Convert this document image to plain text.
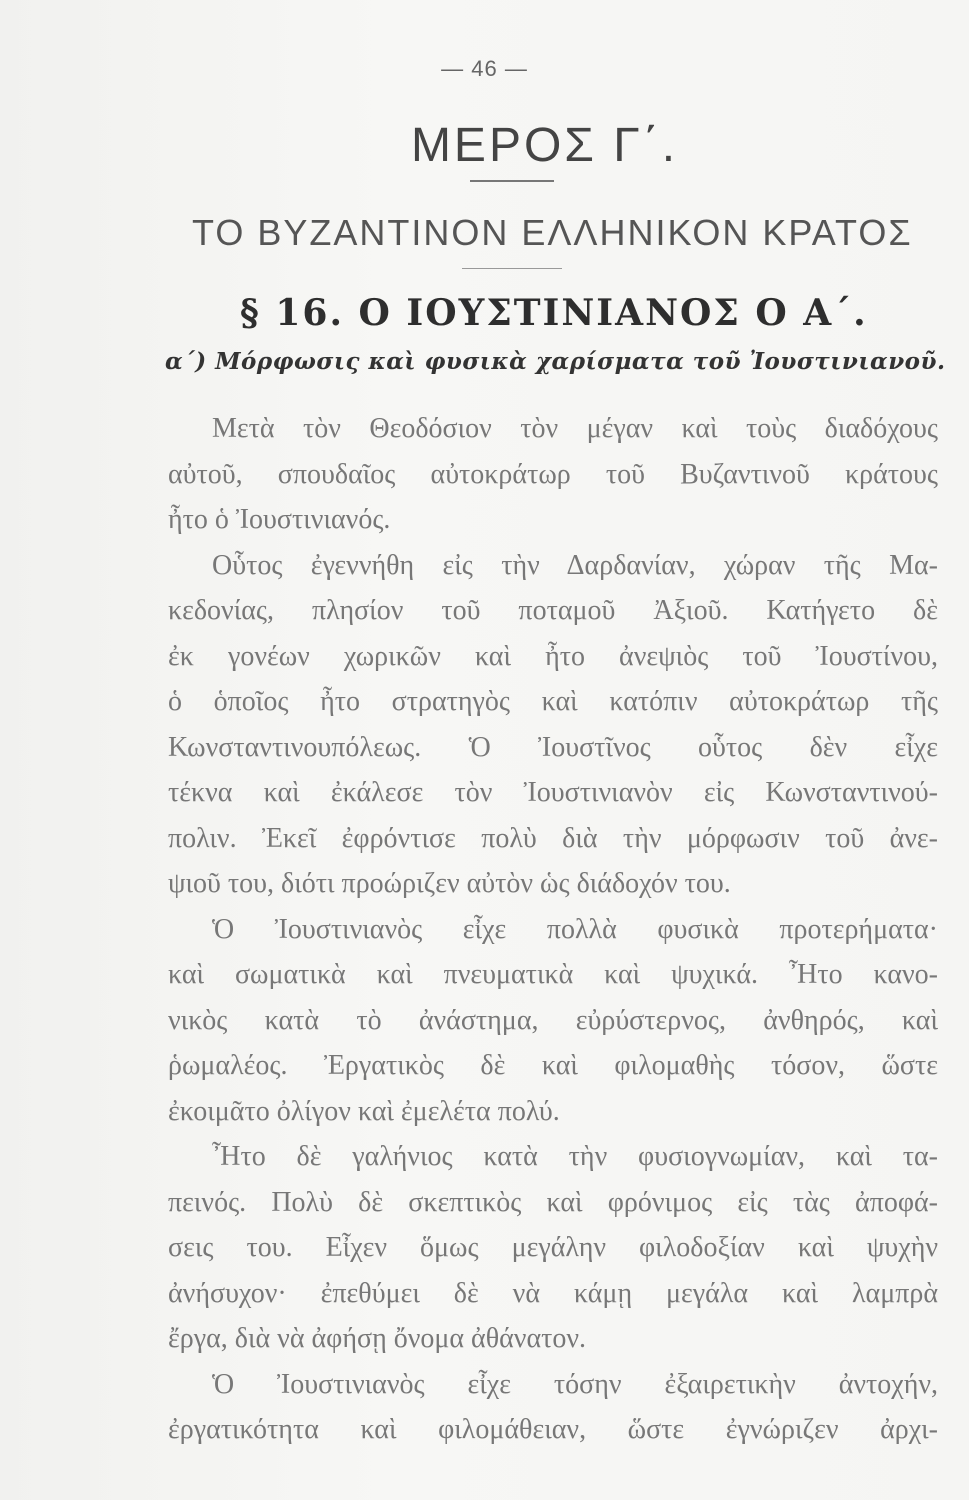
— 46 —
ΜΕΡΟΣ Γ΄.
ΤΟ ΒΥΖΑΝΤΙΝΟΝ ΕΛΛΗΝΙΚΟΝ ΚΡΑΤΟΣ
§ 16. Ο ΙΟΥΣΤΙΝΙΑΝΟΣ Ο Α΄.
α΄) Μόρφωσις καὶ φυσικὰ χαρίσματα τοῦ Ἰουστινιανοῦ.
Μετὰ τὸν Θεοδόσιον τὸν μέγαν καὶ τοὺς διαδόχους
αὐτοῦ, σπουδαῖος αὐτοκράτωρ τοῦ Βυζαντινοῦ κράτους
ἦτο ὁ Ἰουστινιανός.
Οὗτος ἐγεννήθη εἰς τὴν Δαρδανίαν, χώραν τῆς Μα-
κεδονίας, πλησίον τοῦ ποταμοῦ Ἀξιοῦ. Κατήγετο δὲ
ἐκ γονέων χωρικῶν καὶ ἦτο ἀνεψιὸς τοῦ Ἰουστίνου,
ὁ ὁποῖος ἦτο στρατηγὸς καὶ κατόπιν αὐτοκράτωρ τῆς
Κωνσταντινουπόλεως. Ὁ Ἰουστῖνος οὗτος δὲν εἶχε
τέκνα καὶ ἐκάλεσε τὸν Ἰουστινιανὸν εἰς Κωνσταντινού-
πολιν. Ἐκεῖ ἐφρόντισε πολὺ διὰ τὴν μόρφωσιν τοῦ ἀνε-
ψιοῦ του, διότι προώριζεν αὐτὸν ὡς διάδοχόν του.
Ὁ Ἰουστινιανὸς εἶχε πολλὰ φυσικὰ προτερήματα·
καὶ σωματικὰ καὶ πνευματικὰ καὶ ψυχικά. Ἦτο κανο-
νικὸς κατὰ τὸ ἀνάστημα, εὐρύστερνος, ἀνθηρός, καὶ
ῥωμαλέος. Ἐργατικὸς δὲ καὶ φιλομαθὴς τόσον, ὥστε
ἐκοιμᾶτο ὀλίγον καὶ ἐμελέτα πολύ.
Ἦτο δὲ γαλήνιος κατὰ τὴν φυσιογνωμίαν, καὶ τα-
πεινός. Πολὺ δὲ σκεπτικὸς καὶ φρόνιμος εἰς τὰς ἀποφά-
σεις του. Εἶχεν ὅμως μεγάλην φιλοδοξίαν καὶ ψυχὴν
ἀνήσυχον· ἐπεθύμει δὲ νὰ κάμῃ μεγάλα καὶ λαμπρὰ
ἔργα, διὰ νὰ ἀφήσῃ ὄνομα ἀθάνατον.
Ὁ Ἰουστινιανὸς εἶχε τόσην ἐξαιρετικὴν ἀντοχήν,
ἐργατικότητα καὶ φιλομάθειαν, ὥστε ἐγνώριζεν ἀρχι-
